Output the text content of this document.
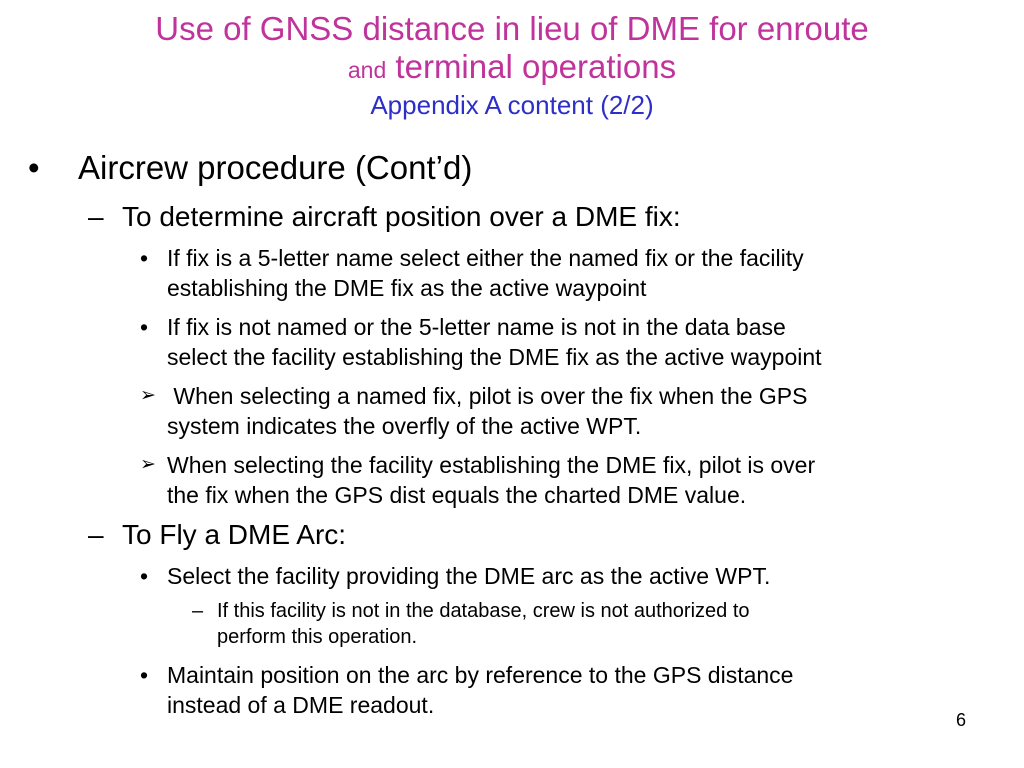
Use of GNSS distance in lieu of DME for enroute
and terminal operations
Appendix A content (2/2)
• Aircrew procedure (Cont’d)
– To determine aircraft position over a DME fix:
• If fix is a 5-letter name select either the named fix or the facility
establishing the DME fix as the active waypoint
• If fix is not named or the 5-letter name is not in the data base
select the facility establishing the DME fix as the active waypoint
➢ When selecting a named fix, pilot is over the fix when the GPS
system indicates the overfly of the active WPT.
➢ When selecting the facility establishing the DME fix, pilot is over
the fix when the GPS dist equals the charted DME value.
– To Fly a DME Arc:
• Select the facility providing the DME arc as the active WPT.
– If this facility is not in the database, crew is not authorized to
perform this operation.
• Maintain position on the arc by reference to the GPS distance
instead of a DME readout.
6
